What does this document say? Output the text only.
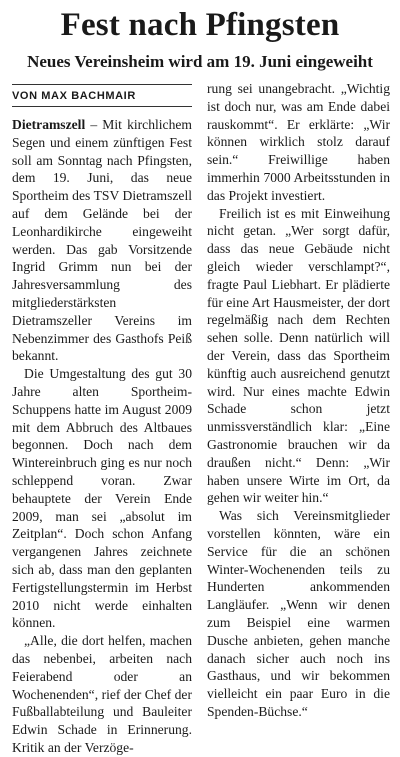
Fest nach Pfingsten
Neues Vereinsheim wird am 19. Juni eingeweiht
VON MAX BACHMAIR

Dietramszell – Mit kirchlichem Segen und einem zünftigen Fest soll am Sonntag nach Pfingsten, dem 19. Juni, das neue Sportheim des TSV Dietramszell auf dem Gelände bei der Leonhardikirche eingeweiht werden. Das gab Vorsitzende Ingrid Grimm nun bei der Jahresversammlung des mitgliederstärksten Dietramszeller Vereins im Nebenzimmer des Gasthofs Peiß bekannt.

Die Umgestaltung des gut 30 Jahre alten Sportheim-Schuppens hatte im August 2009 mit dem Abbruch des Altbaues begonnen. Doch nach dem Wintereinbruch ging es nur noch schleppend voran. Zwar behauptete der Verein Ende 2009, man sei „absolut im Zeitplan“. Doch schon Anfang vergangenen Jahres zeichnete sich ab, dass man den geplanten Fertigstellungstermin im Herbst 2010 nicht werde einhalten können.

„Alle, die dort helfen, machen das nebenbei, arbeiten nach Feierabend oder an Wochenenden“, rief der Chef der Fußballabteilung und Bauleiter Edwin Schade in Erinnerung. Kritik an der Verzöge-

rung sei unangebracht. „Wichtig ist doch nur, was am Ende dabei rauskommt“. Er erklärte: „Wir können wirklich stolz darauf sein.“ Freiwillige haben immerhin 7000 Arbeitsstunden in das Projekt investiert.

Freilich ist es mit Einweihung nicht getan. „Wer sorgt dafür, dass das neue Gebäude nicht gleich wieder verschlampt?“, fragte Paul Liebhart. Er plädierte für eine Art Hausmeister, der dort regelmäßig nach dem Rechten sehen solle. Denn natürlich will der Verein, dass das Sportheim künftig auch ausreichend genutzt wird. Nur eines machte Edwin Schade schon jetzt unmissverständlich klar: „Eine Gastronomie brauchen wir da draußen nicht.“ Denn: „Wir haben unsere Wirte im Ort, da gehen wir weiter hin.“

Was sich Vereinsmitglieder vorstellen könnten, wäre ein Service für die an schönen Winter-Wochenenden teils zu Hunderten ankommenden Langläufer. „Wenn wir denen zum Beispiel eine warmen Dusche anbieten, gehen manche danach sicher auch noch ins Gasthaus, und wir bekommen vielleicht ein paar Euro in die Spenden-Büchse.“
